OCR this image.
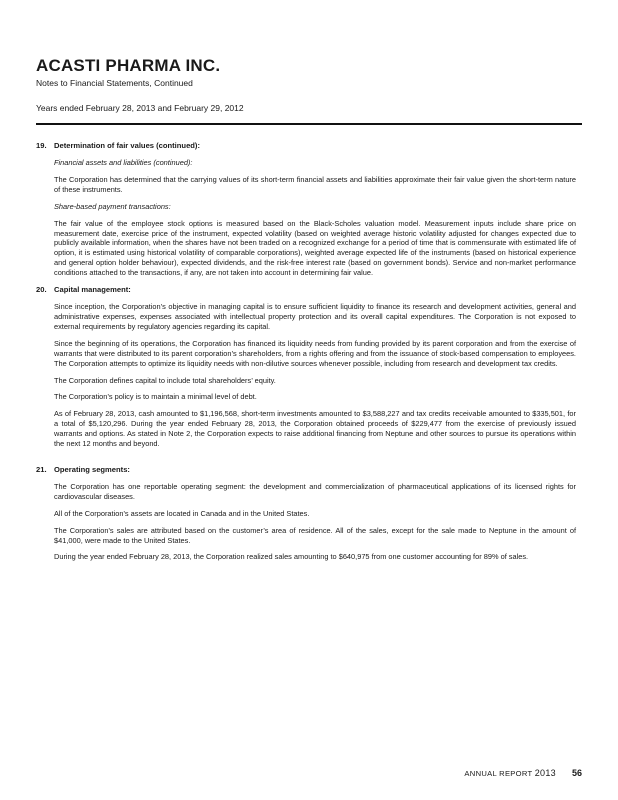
ACASTI PHARMA INC.
Notes to Financial Statements, Continued
Years ended February 28, 2013 and February 29, 2012
19. Determination of fair values (continued):

Financial assets and liabilities (continued):

The Corporation has determined that the carrying values of its short-term financial assets and liabilities approximate their fair value given the short-term nature of these instruments.

Share-based payment transactions:

The fair value of the employee stock options is measured based on the Black-Scholes valuation model. Measurement inputs include share price on measurement date, exercise price of the instrument, expected volatility (based on weighted average historic volatility adjusted for changes expected due to publicly available information, when the shares have not been traded on a recognized exchange for a period of time that is commensurate with estimated life of option, it is estimated using historical volatility of comparable corporations), weighted average expected life of the instruments (based on historical experience and general option holder behaviour), expected dividends, and the risk-free interest rate (based on government bonds). Service and non-market performance conditions attached to the transactions, if any, are not taken into account in determining fair value.

20. Capital management:

Since inception, the Corporation’s objective in managing capital is to ensure sufficient liquidity to finance its research and development activities, general and administrative expenses, expenses associated with intellectual property protection and its overall capital expenditures. The Corporation is not exposed to external requirements by regulatory agencies regarding its capital.

Since the beginning of its operations, the Corporation has financed its liquidity needs from funding provided by its parent corporation and from the exercise of warrants that were distributed to its parent corporation’s shareholders, from a rights offering and from the issuance of stock-based compensation to employees. The Corporation attempts to optimize its liquidity needs with non-dilutive sources whenever possible, including from research and development tax credits.

The Corporation defines capital to include total shareholders’ equity.

The Corporation’s policy is to maintain a minimal level of debt.

As of February 28, 2013, cash amounted to $1,196,568, short-term investments amounted to $3,588,227 and tax credits receivable amounted to $335,501, for a total of $5,120,296. During the year ended February 28, 2013, the Corporation obtained proceeds of $229,477 from the exercise of previously issued warrants and options. As stated in Note 2, the Corporation expects to raise additional financing from Neptune and other sources to pursue its operations within the next 12 months and beyond.

21. Operating segments:

The Corporation has one reportable operating segment: the development and commercialization of pharmaceutical applications of its licensed rights for cardiovascular diseases.

All of the Corporation’s assets are located in Canada and in the United States.

The Corporation’s sales are attributed based on the customer’s area of residence. All of the sales, except for the sale made to Neptune in the amount of $41,000, were made to the United States.

During the year ended February 28, 2013, the Corporation realized sales amounting to $640,975 from one customer accounting for 89% of sales.

ANNUAL REPORT 2013 56
